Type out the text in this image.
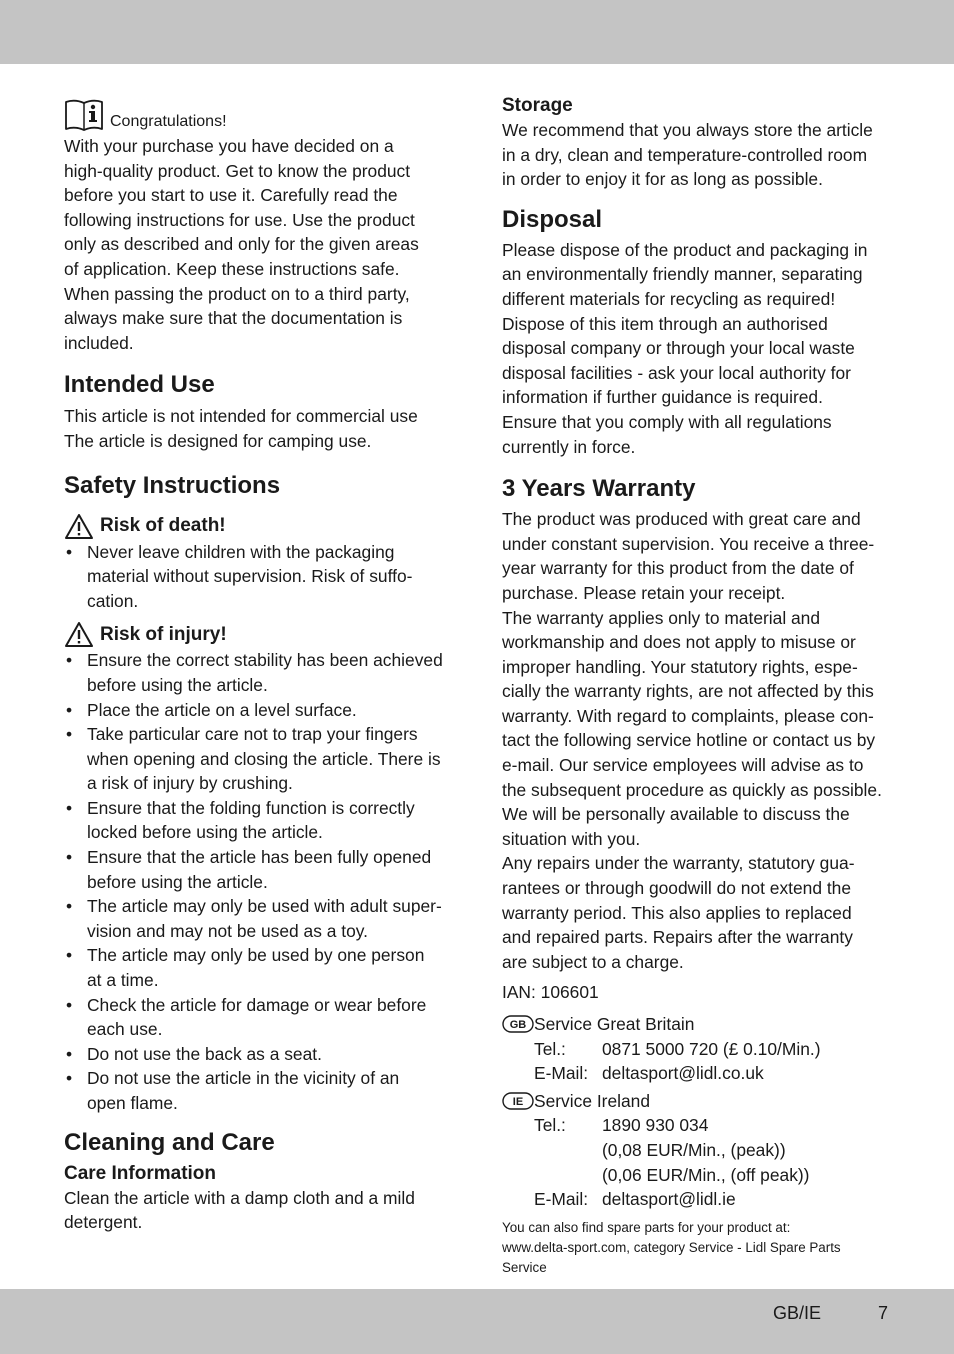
Congratulations!
With your purchase you have decided on a
high-quality product. Get to know the product
before you start to use it. Carefully read the
following instructions for use. Use the product
only as described and only for the given areas
of application. Keep these instructions safe.
When passing the product on to a third party,
always make sure that the documentation is
included.
Intended Use
This article is not intended for commercial use
The article is designed for camping use.
Safety Instructions
Risk of death!
• Never leave children with the packaging
material without supervision. Risk of suffo-
cation.
Risk of injury!
• Ensure the correct stability has been achieved
before using the article.
• Place the article on a level surface.
• Take particular care not to trap your fingers
when opening and closing the article. There is
a risk of injury by crushing.
• Ensure that the folding function is correctly
locked before using the article.
• Ensure that the article has been fully opened
before using the article.
• The article may only be used with adult super-
vision and may not be used as a toy.
• The article may only be used by one person
at a time.
• Check the article for damage or wear before
each use.
• Do not use the back as a seat.
• Do not use the article in the vicinity of an
open flame.
Cleaning and Care
Care Information
Clean the article with a damp cloth and a mild
detergent.
Storage
We recommend that you always store the article
in a dry, clean and temperature-controlled room
in order to enjoy it for as long as possible.
Disposal
Please dispose of the product and packaging in
an environmentally friendly manner, separating
different materials for recycling as required!
Dispose of this item through an authorised
disposal company or through your local waste
disposal facilities - ask your local authority for
information if further guidance is required.
Ensure that you comply with all regulations
currently in force.
3 Years Warranty
The product was produced with great care and
under constant supervision. You receive a three-
year warranty for this product from the date of
purchase. Please retain your receipt.
The warranty applies only to material and
workmanship and does not apply to misuse or
improper handling. Your statutory rights, espe-
cially the warranty rights, are not affected by this
warranty. With regard to complaints, please con-
tact the following service hotline or contact us by
e-mail. Our service employees will advise as to
the subsequent procedure as quickly as possible.
We will be personally available to discuss the
situation with you.
Any repairs under the warranty, statutory gua-
rantees or through goodwill do not extend the
warranty period. This also applies to replaced
and repaired parts. Repairs after the warranty
are subject to a charge.
IAN: 106601
GB Service Great Britain
Tel.:	0871 5000 720 (£ 0.10/Min.)
E-Mail: deltasport@lidl.co.uk
IE Service Ireland
Tel.:	1890 930 034
(0,08 EUR/Min., (peak))
(0,06 EUR/Min., (off peak))
E-Mail: deltasport@lidl.ie
You can also find spare parts for your product at:
www.delta-sport.com, category Service - Lidl Spare Parts
Service
GB/IE	7
